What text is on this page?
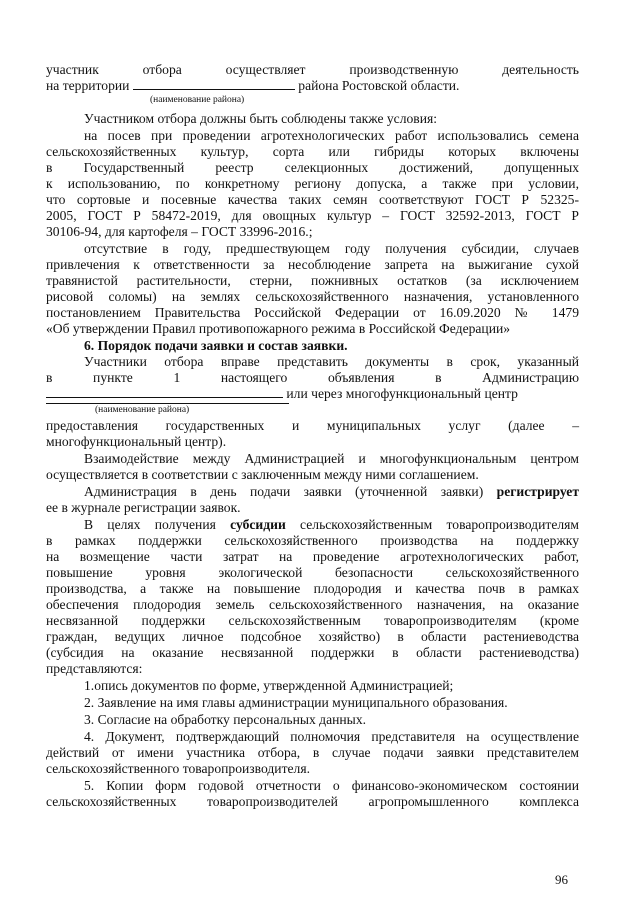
участник отбора осуществляет производственную деятельность
на территории	района Ростовской области.
(наименование района)
Участником отбора должны быть соблюдены также условия:
на посев при проведении агротехнологических работ использовались семена
сельскохозяйственных культур, сорта или гибриды которых включены
в Государственный реестр селекционных достижений, допущенных
к использованию, по конкретному региону допуска, а также при условии,
что сортовые и посевные качества таких семян соответствуют ГОСТ Р 52325-
2005, ГОСТ Р 58472-2019, для овощных культур – ГОСТ 32592-2013, ГОСТ Р
30106-94, для картофеля – ГОСТ 33996-2016.;
отсутствие в году, предшествующем году получения субсидии, случаев
привлечения к ответственности за несоблюдение запрета на выжигание сухой
травянистой растительности, стерни, пожнивных остатков (за исключением
рисовой соломы) на землях сельскохозяйственного назначения, установленного
постановлением Правительства Российской Федерации от 16.09.2020 № 1479
«Об утверждении Правил противопожарного режима в Российской Федерации»
6. Порядок подачи заявки и состав заявки.
Участники отбора вправе представить документы в срок, указанный
в пункте 1 настоящего объявления в Администрацию
или через многофункциональный центр
(наименование района)
предоставления государственных и муниципальных услуг (далее –
многофункциональный центр).
Взаимодействие между Администрацией и многофункциональным центром
осуществляется в соответствии с заключенным между ними соглашением.
Администрация в день подачи заявки (уточненной заявки) регистрирует
ее в журнале регистрации заявок.
В целях получения субсидии сельскохозяйственным товаропроизводителям
в рамках поддержки сельскохозяйственного производства на поддержку
на возмещение части затрат на проведение агротехнологических работ,
повышение уровня экологической безопасности сельскохозяйственного
производства, а также на повышение плодородия и качества почв в рамках
обеспечения плодородия земель сельскохозяйственного назначения, на оказание
несвязанной поддержки сельскохозяйственным товаропроизводителям (кроме
граждан, ведущих личное подсобное хозяйство) в области растениеводства
(субсидия на оказание несвязанной поддержки в области растениеводства)
представляются:
1.опись документов по форме, утвержденной Администрацией;
2. Заявление на имя главы администрации муниципального образования.
3. Согласие на обработку персональных данных.
4. Документ, подтверждающий полномочия представителя на осуществление
действий от имени участника отбора, в случае подачи заявки представителем
сельскохозяйственного товаропроизводителя.
5. Копии форм годовой отчетности о финансово-экономическом состоянии
сельскохозяйственных товаропроизводителей агропромышленного комплекса
96
